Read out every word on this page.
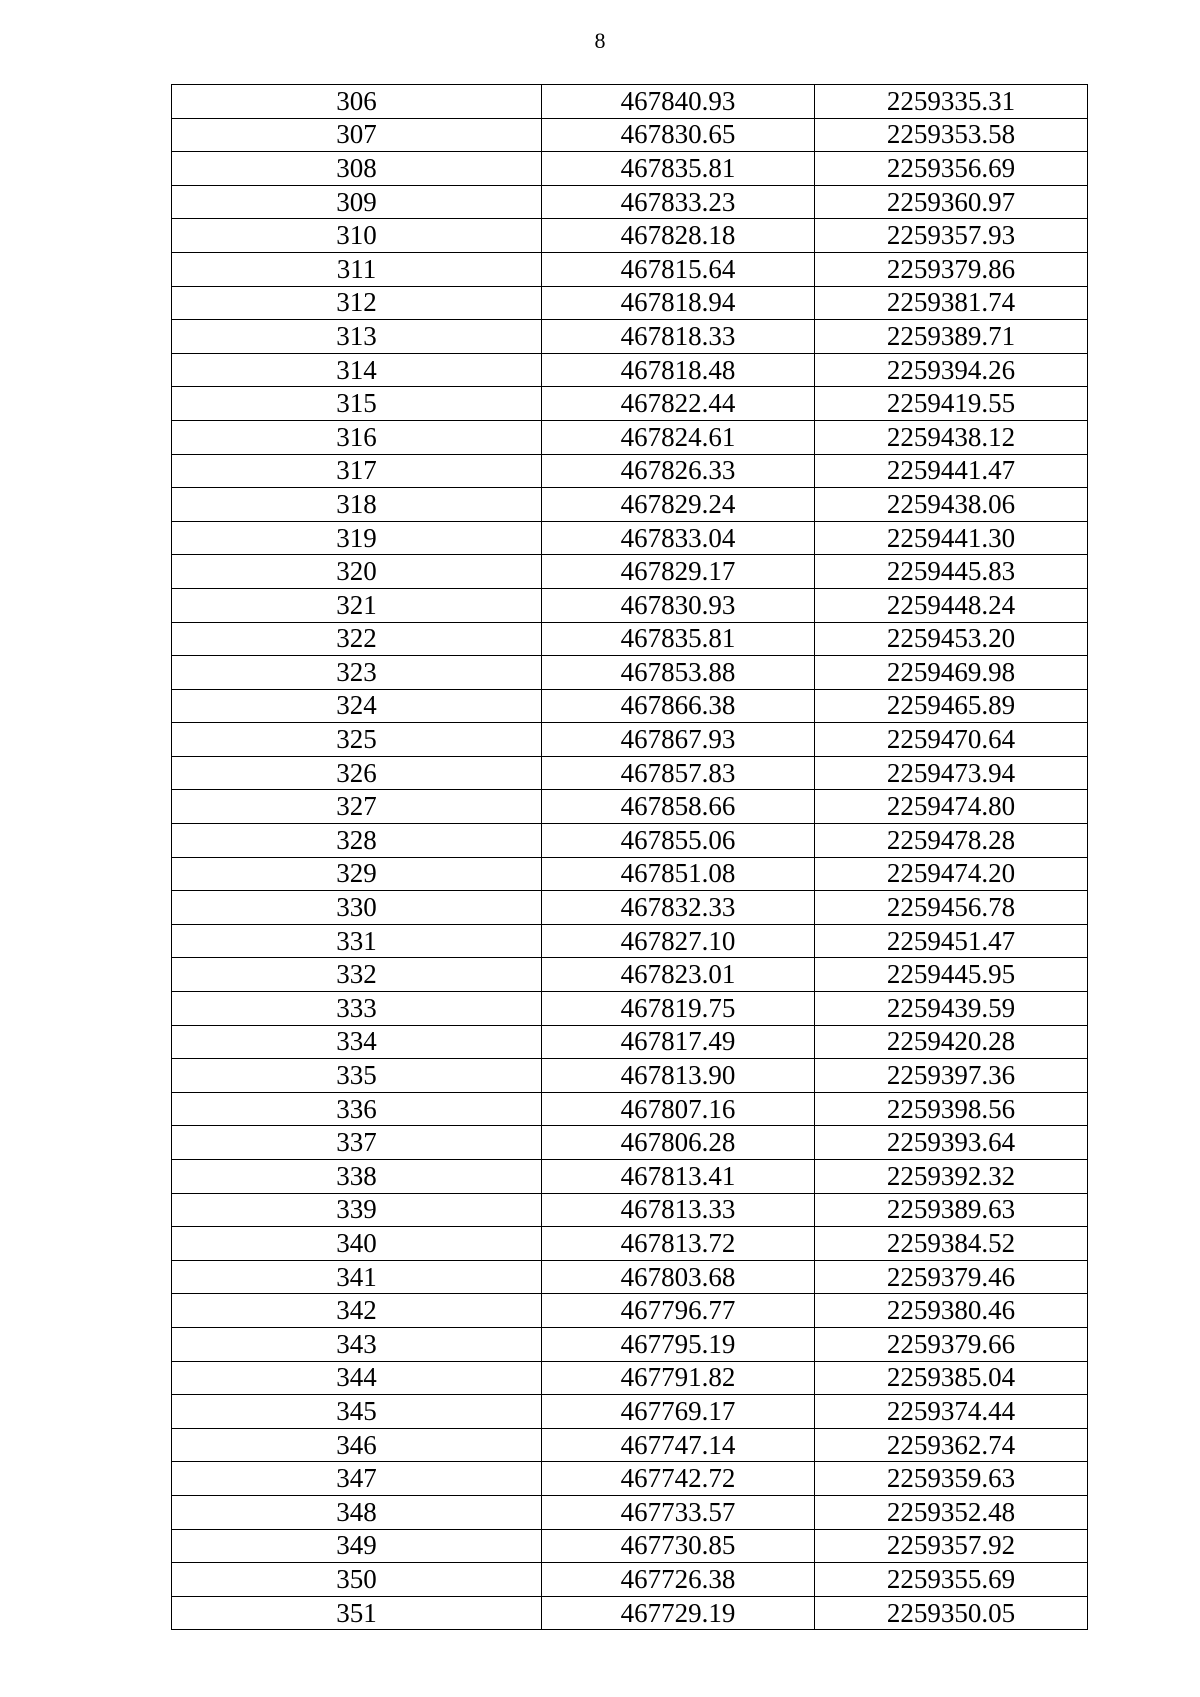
8
306	467840.93	2259335.31
307	467830.65	2259353.58
308	467835.81	2259356.69
309	467833.23	2259360.97
310	467828.18	2259357.93
311	467815.64	2259379.86
312	467818.94	2259381.74
313	467818.33	2259389.71
314	467818.48	2259394.26
315	467822.44	2259419.55
316	467824.61	2259438.12
317	467826.33	2259441.47
318	467829.24	2259438.06
319	467833.04	2259441.30
320	467829.17	2259445.83
321	467830.93	2259448.24
322	467835.81	2259453.20
323	467853.88	2259469.98
324	467866.38	2259465.89
325	467867.93	2259470.64
326	467857.83	2259473.94
327	467858.66	2259474.80
328	467855.06	2259478.28
329	467851.08	2259474.20
330	467832.33	2259456.78
331	467827.10	2259451.47
332	467823.01	2259445.95
333	467819.75	2259439.59
334	467817.49	2259420.28
335	467813.90	2259397.36
336	467807.16	2259398.56
337	467806.28	2259393.64
338	467813.41	2259392.32
339	467813.33	2259389.63
340	467813.72	2259384.52
341	467803.68	2259379.46
342	467796.77	2259380.46
343	467795.19	2259379.66
344	467791.82	2259385.04
345	467769.17	2259374.44
346	467747.14	2259362.74
347	467742.72	2259359.63
348	467733.57	2259352.48
349	467730.85	2259357.92
350	467726.38	2259355.69
351	467729.19	2259350.05
